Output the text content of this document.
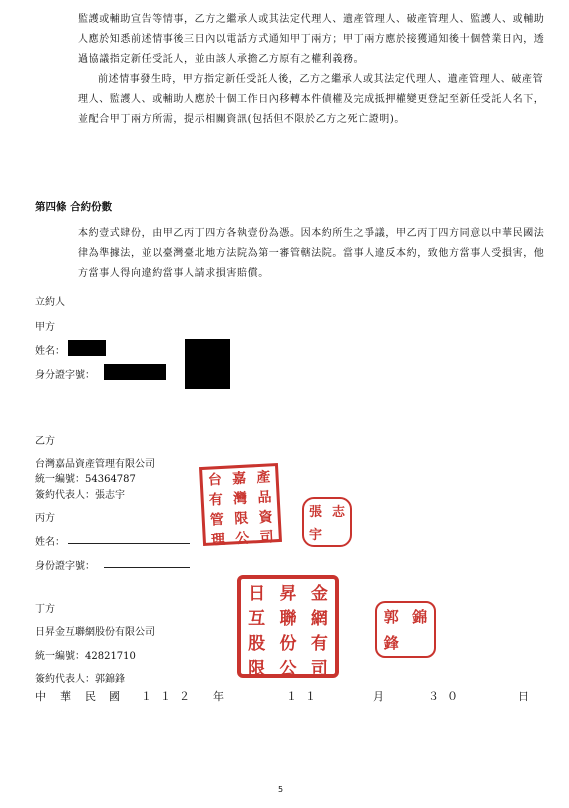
監護或輔助宣告等情事，乙方之繼承人或其法定代理人、遺產管理人、破產管理人、監護人、或輔助人應於知悉前述情事後三日內以電話方式通知甲丁兩方；甲丁兩方應於接獲通知後十個營業日內，透過協議指定新任受託人，並由該人承擔乙方原有之權利義務。

前述情事發生時，甲方指定新任受託人後，乙方之繼承人或其法定代理人、遺產管理人、破產管理人、監護人、或輔助人應於十個工作日內移轉本件債權及完成抵押權變更登記至新任受託人名下，並配合甲丁兩方所需，提示相關資訊(包括但不限於乙方之死亡證明)。

第四條 合約份數
本約壹式肆份，由甲乙丙丁四方各執壹份為憑。因本約所生之爭議，甲乙丙丁四方同意以中華民國法律為準據法，並以臺灣臺北地方法院為第一審管轄法院。當事人違反本約，致他方當事人受損害，他方當事人得向違約當事人請求損害賠償。
立約人
甲方
姓名：
身分證字號：
乙方
台灣嘉品資產管理有限公司
統一編號：54364787
簽約代表人：張志宇
台 嘉 產
有 灣 品
管 限 資
理 公 司
張 志
宇
丙方
姓名：
身份證字號：
丁方
日昇金互聯網股份有限公司
統一編號：42821710
簽約代表人：郭錦鋒
日 昇 金
互 聯 網
股 份 有
限 公 司
郭 錦
鋒
中 華 民 國 １１２ 年	１１	月	３０	日
5
